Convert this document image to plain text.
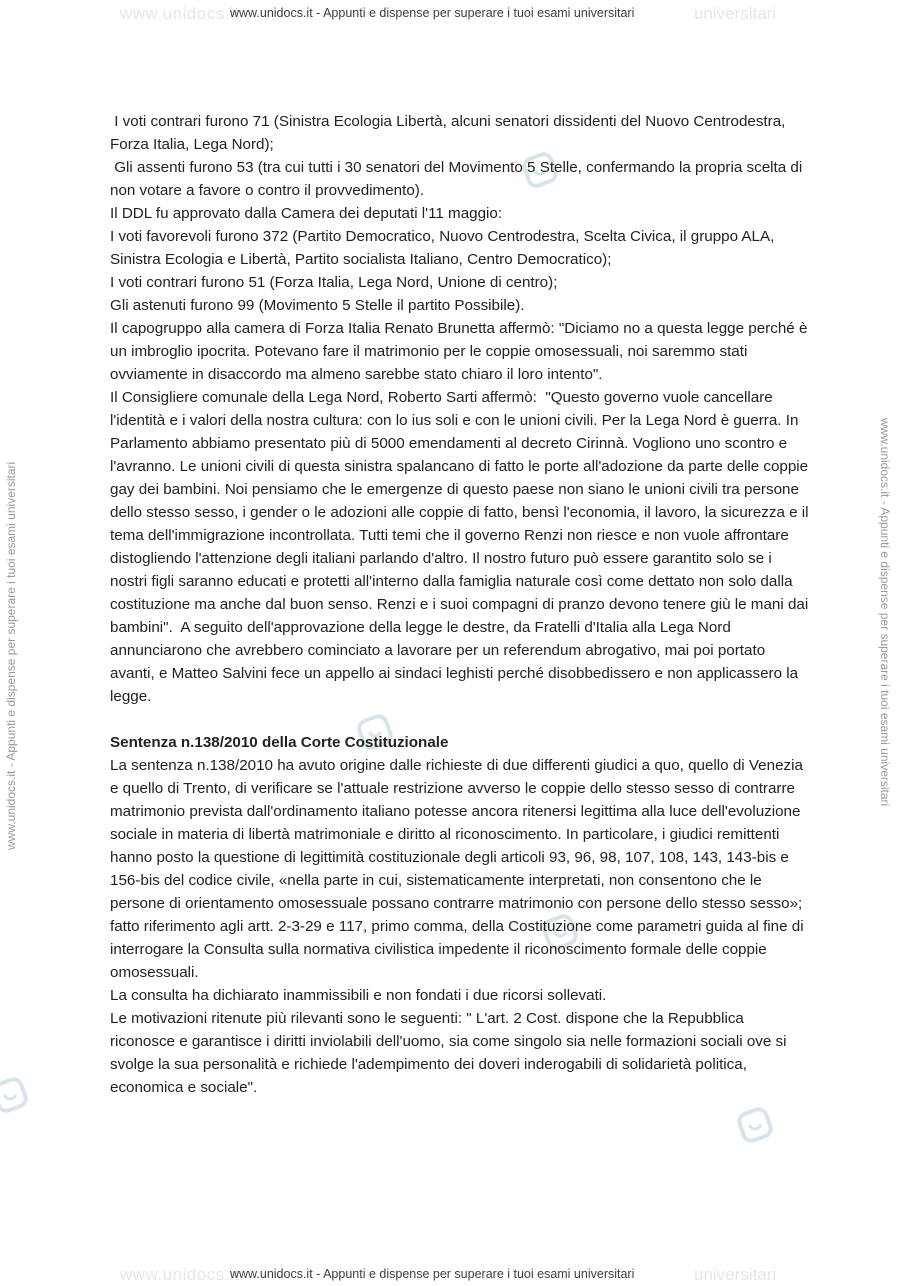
www.unidocs.it	universitari
www.unidocs.it - Appunti e dispense per superare i tuoi esami universitari
www.unidocs.it - Appunti e dispense per superare i tuoi esami universitari	www.unidocs.it - Appunti e dispense per superare i tuoi esami universitari

I voti contrari furono 71 (Sinistra Ecologia Libertà, alcuni senatori dissidenti del Nuovo Centrodestra, Forza Italia, Lega Nord);

Gli assenti furono 53 (tra cui tutti i 30 senatori del Movimento 5 Stelle, confermando la propria scelta di non votare a favore o contro il provvedimento).

Il DDL fu approvato dalla Camera dei deputati l'11 maggio:

I voti favorevoli furono 372 (Partito Democratico, Nuovo Centrodestra, Scelta Civica, il gruppo ALA, Sinistra Ecologia e Libertà, Partito socialista Italiano, Centro Democratico);

I voti contrari furono 51 (Forza Italia, Lega Nord, Unione di centro);

Gli astenuti furono 99 (Movimento 5 Stelle il partito Possibile).

Il capogruppo alla camera di Forza Italia Renato Brunetta affermò: "Diciamo no a questa legge perché è un imbroglio ipocrita. Potevano fare il matrimonio per le coppie omosessuali, noi saremmo stati ovviamente in disaccordo ma almeno sarebbe stato chiaro il loro intento".

Il Consigliere comunale della Lega Nord, Roberto Sarti affermò:  "Questo governo vuole cancellare l'identità e i valori della nostra cultura: con lo ius soli e con le unioni civili. Per la Lega Nord è guerra. In Parlamento abbiamo presentato più di 5000 emendamenti al decreto Cirinnà. Vogliono uno scontro e l'avranno. Le unioni civili di questa sinistra spalancano di fatto le porte all'adozione da parte delle coppie gay dei bambini. Noi pensiamo che le emergenze di questo paese non siano le unioni civili tra persone dello stesso sesso, i gender o le adozioni alle coppie di fatto, bensì l'economia, il lavoro, la sicurezza e il tema dell'immigrazione incontrollata. Tutti temi che il governo Renzi non riesce e non vuole affrontare distogliendo l'attenzione degli italiani parlando d'altro. Il nostro futuro può essere garantito solo se i nostri figli saranno educati e protetti all'interno dalla famiglia naturale così come dettato non solo dalla costituzione ma anche dal buon senso. Renzi e i suoi compagni di pranzo devono tenere giù le mani dai bambini".  A seguito dell'approvazione della legge le destre, da Fratelli d'Italia alla Lega Nord annunciarono che avrebbero cominciato a lavorare per un referendum abrogativo, mai poi portato avanti, e Matteo Salvini fece un appello ai sindaci leghisti perché disobbedissero e non applicassero la legge.

Sentenza n.138/2010 della Corte Costituzionale

La sentenza n.138/2010 ha avuto origine dalle richieste di due differenti giudici a quo, quello di Venezia e quello di Trento, di verificare se l'attuale restrizione avverso le coppie dello stesso sesso di contrarre matrimonio prevista dall'ordinamento italiano potesse ancora ritenersi legittima alla luce dell'evoluzione sociale in materia di libertà matrimoniale e diritto al riconoscimento. In particolare, i giudici remittenti hanno posto la questione di legittimità costituzionale degli articoli 93, 96, 98, 107, 108, 143, 143-bis e 156-bis del codice civile, «nella parte in cui, sistematicamente interpretati, non consentono che le persone di orientamento omosessuale possano contrarre matrimonio con persone dello stesso sesso»; fatto riferimento agli artt. 2-3-29 e 117, primo comma, della Costituzione come parametri guida al fine di interrogare la Consulta sulla normativa civilistica impedente il riconoscimento formale delle coppie omosessuali.

La consulta ha dichiarato inammissibili e non fondati i due ricorsi sollevati.

Le motivazioni ritenute più rilevanti sono le seguenti: " L'art. 2 Cost. dispone che la Repubblica riconosce e garantisce i diritti inviolabili dell'uomo, sia come singolo sia nelle formazioni sociali ove si svolge la sua personalità e richiede l'adempimento dei doveri inderogabili di solidarietà politica, economica e sociale".

www.unidocs.it	universitari
www.unidocs.it - Appunti e dispense per superare i tuoi esami universitari
